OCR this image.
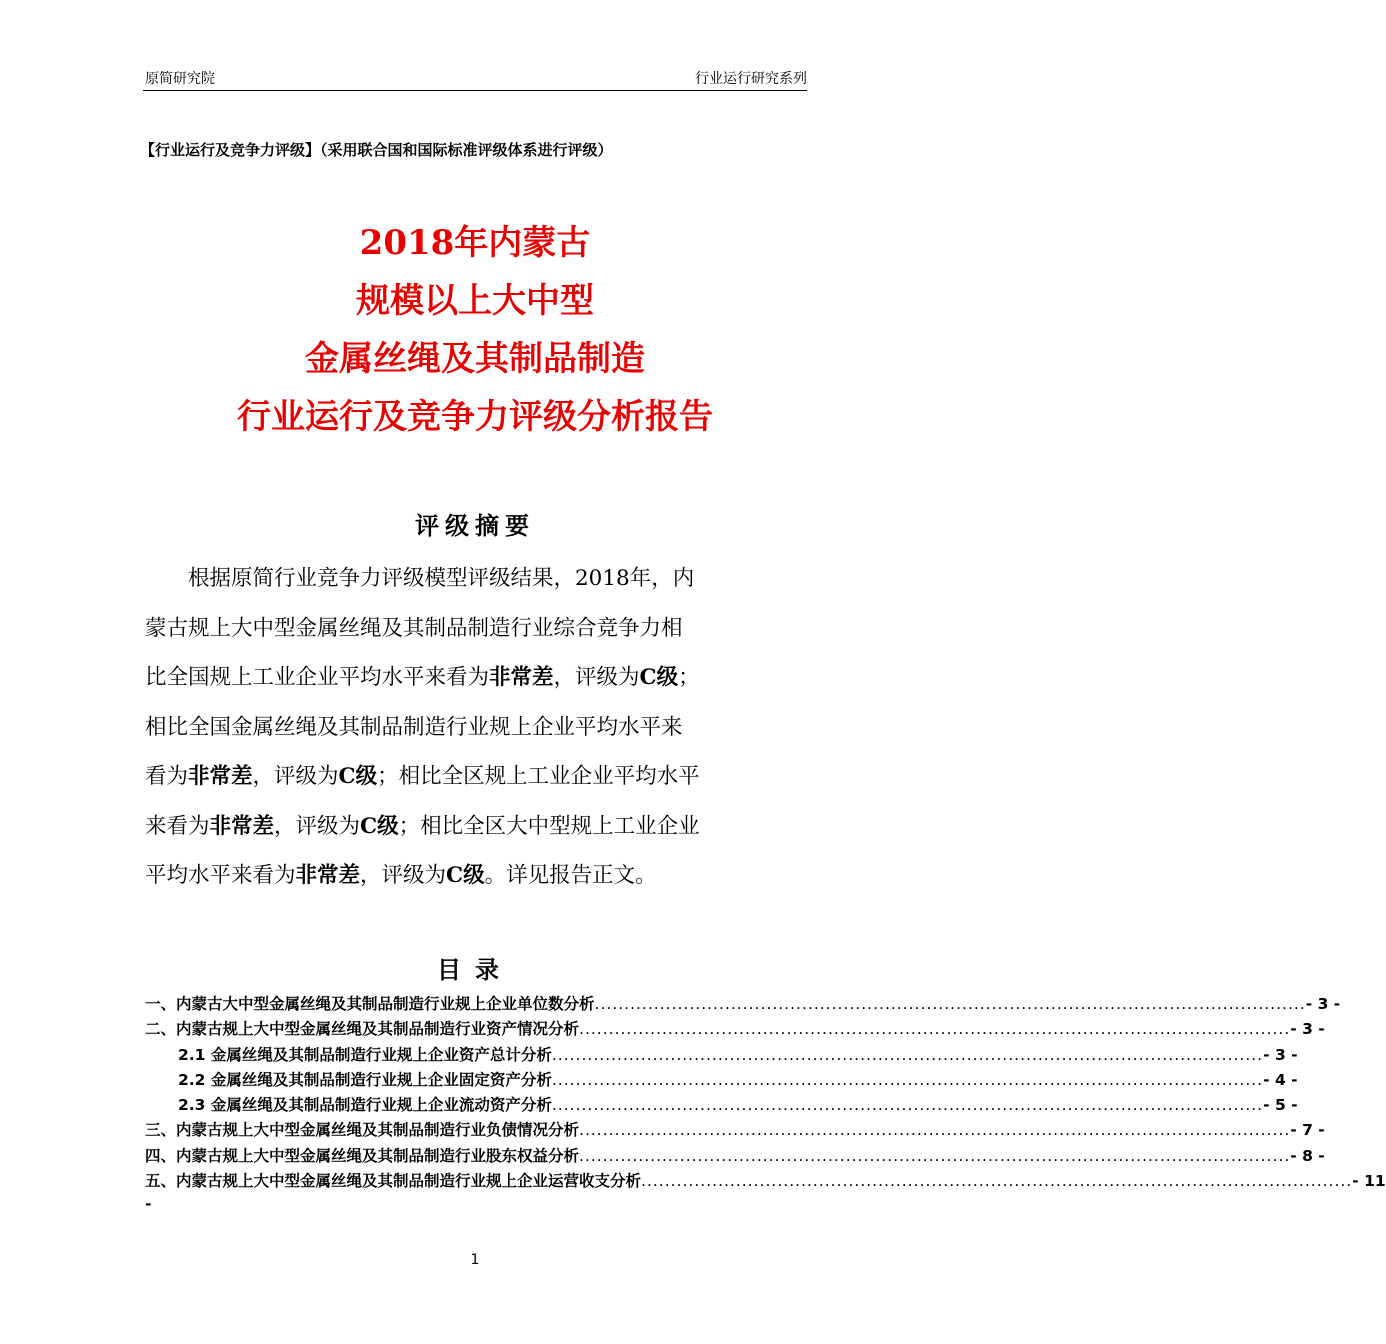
原简研究院	行业运行研究系列
【行业运行及竞争力评级】（采用联合国和国际标准评级体系进行评级）
2018年内蒙古
规模以上大中型
金属丝绳及其制品制造
行业运行及竞争力评级分析报告
评级摘要
根据原简行业竞争力评级模型评级结果，2018年，内
蒙古规上大中型金属丝绳及其制品制造行业综合竞争力相
比全国规上工业企业平均水平来看为非常差，评级为C级；
相比全国金属丝绳及其制品制造行业规上企业平均水平来
看为非常差，评级为C级；相比全区规上工业企业平均水平
来看为非常差，评级为C级；相比全区大中型规上工业企业
平均水平来看为非常差，评级为C级。详见报告正文。
目录
一、内蒙古大中型金属丝绳及其制品制造行业规上企业单位数分析 ........................................................................................................................ - 3 -
二、内蒙古规上大中型金属丝绳及其制品制造行业资产情况分析 ........................................................................................................................ - 3 -
2.1 金属丝绳及其制品制造行业规上企业资产总计分析 ........................................................................................................................ - 3 -
2.2 金属丝绳及其制品制造行业规上企业固定资产分析 ........................................................................................................................ - 4 -
2.3 金属丝绳及其制品制造行业规上企业流动资产分析 ........................................................................................................................ - 5 -
三、内蒙古规上大中型金属丝绳及其制品制造行业负债情况分析 ........................................................................................................................ - 7 -
四、内蒙古规上大中型金属丝绳及其制品制造行业股东权益分析 ........................................................................................................................ - 8 -
五、内蒙古规上大中型金属丝绳及其制品制造行业规上企业运营收支分析 ........................................................................................................................ - 11
-
1
